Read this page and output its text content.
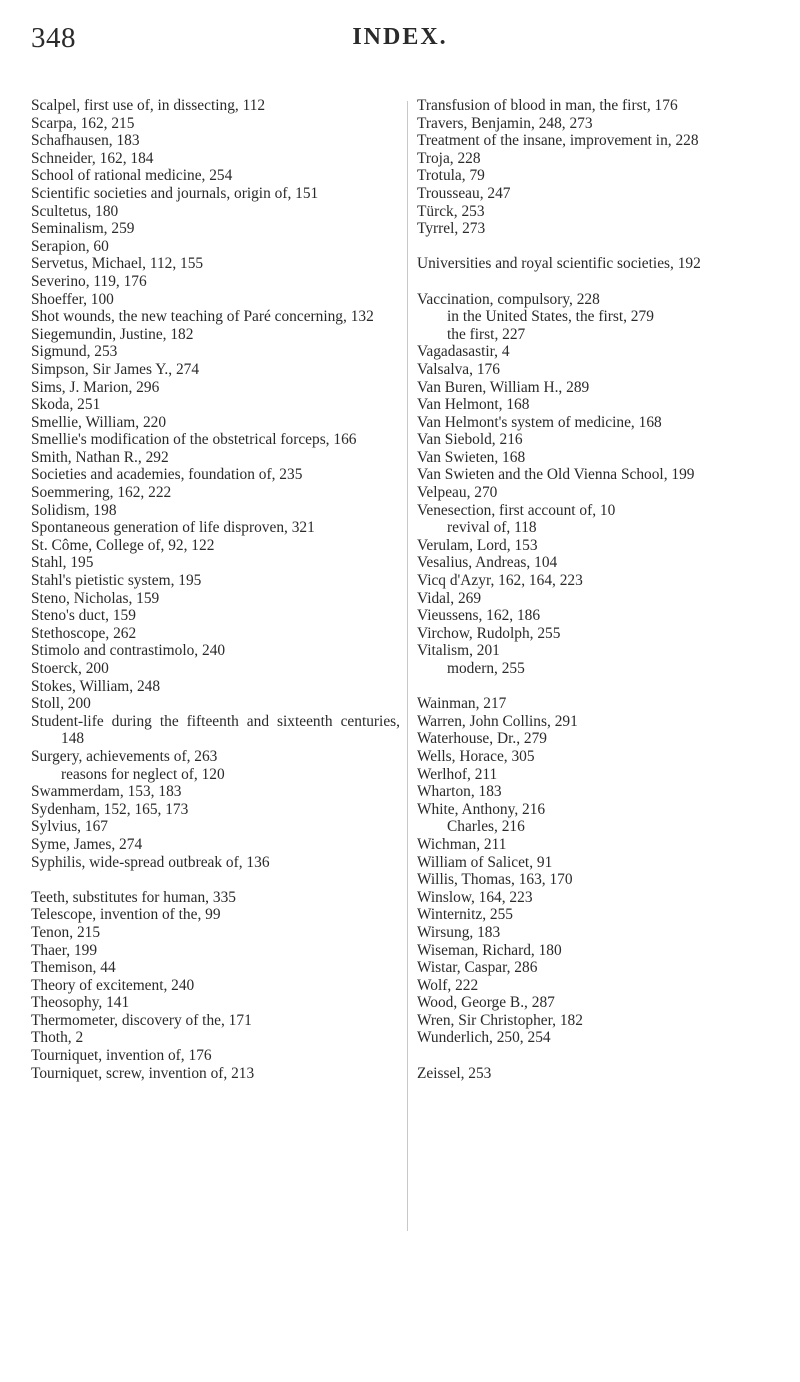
348	INDEX.
Scalpel, first use of, in dissecting, 112
Scarpa, 162, 215
Schafhausen, 183
Schneider, 162, 184
School of rational medicine, 254
Scientific societies and journals, origin of, 151
Scultetus, 180
Seminalism, 259
Serapion, 60
Servetus, Michael, 112, 155
Severino, 119, 176
Shoeffer, 100
Shot wounds, the new teaching of Paré concerning, 132
Siegemundin, Justine, 182
Sigmund, 253
Simpson, Sir James Y., 274
Sims, J. Marion, 296
Skoda, 251
Smellie, William, 220
Smellie's modification of the obstetrical forceps, 166
Smith, Nathan R., 292
Societies and academies, foundation of, 235
Soemmering, 162, 222
Solidism, 198
Spontaneous generation of life disproven, 321
St. Côme, College of, 92, 122
Stahl, 195
Stahl's pietistic system, 195
Steno, Nicholas, 159
Steno's duct, 159
Stethoscope, 262
Stimolo and contrastimolo, 240
Stoerck, 200
Stokes, William, 248
Stoll, 200
Student-life during the fifteenth and sixteenth centuries, 148
Surgery, achievements of, 263
reasons for neglect of, 120
Swammerdam, 153, 183
Sydenham, 152, 165, 173
Sylvius, 167
Syme, James, 274
Syphilis, wide-spread outbreak of, 136
Teeth, substitutes for human, 335
Telescope, invention of the, 99
Tenon, 215
Thaer, 199
Themison, 44
Theory of excitement, 240
Theosophy, 141
Thermometer, discovery of the, 171
Thoth, 2
Tourniquet, invention of, 176
Tourniquet, screw, invention of, 213
Transfusion of blood in man, the first, 176
Travers, Benjamin, 248, 273
Treatment of the insane, improvement in, 228
Troja, 228
Trotula, 79
Trousseau, 247
Türck, 253
Tyrrel, 273
Universities and royal scientific societies, 192
Vaccination, compulsory, 228
in the United States, the first, 279
the first, 227
Vagadasastir, 4
Valsalva, 176
Van Buren, William H., 289
Van Helmont, 168
Van Helmont's system of medicine, 168
Van Siebold, 216
Van Swieten, 168
Van Swieten and the Old Vienna School, 199
Velpeau, 270
Venesection, first account of, 10
revival of, 118
Verulam, Lord, 153
Vesalius, Andreas, 104
Vicq d'Azyr, 162, 164, 223
Vidal, 269
Vieussens, 162, 186
Virchow, Rudolph, 255
Vitalism, 201
modern, 255
Wainman, 217
Warren, John Collins, 291
Waterhouse, Dr., 279
Wells, Horace, 305
Werlhof, 211
Wharton, 183
White, Anthony, 216
Charles, 216
Wichman, 211
William of Salicet, 91
Willis, Thomas, 163, 170
Winslow, 164, 223
Winternitz, 255
Wirsung, 183
Wiseman, Richard, 180
Wistar, Caspar, 286
Wolf, 222
Wood, George B., 287
Wren, Sir Christopher, 182
Wunderlich, 250, 254
Zeissel, 253
